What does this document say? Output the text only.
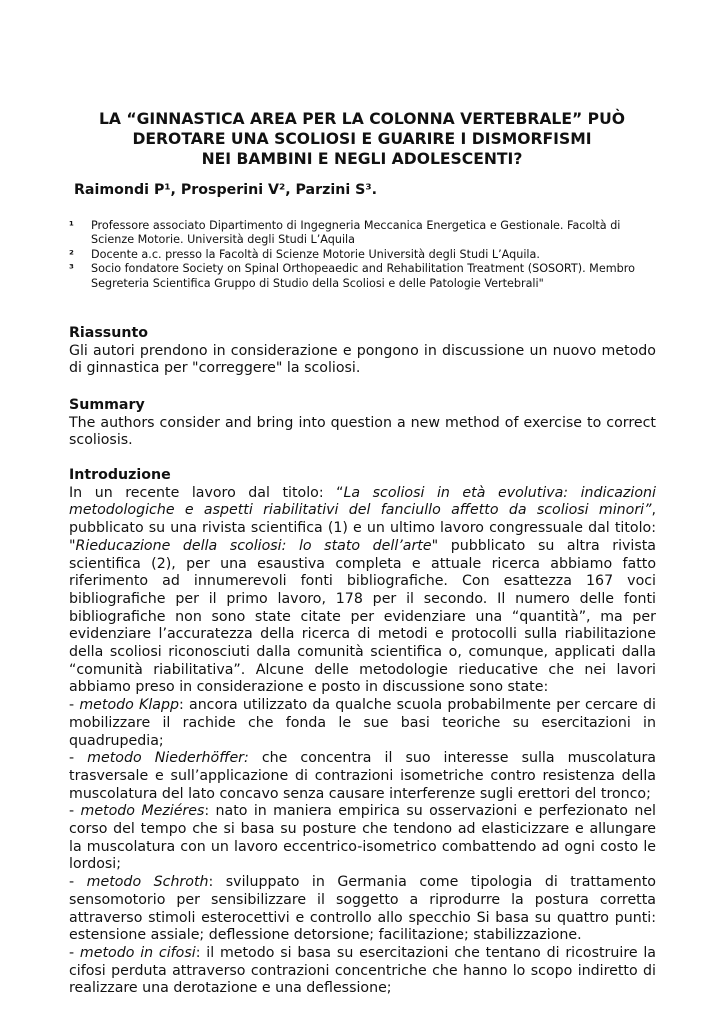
LA “GINNASTICA AREA PER LA COLONNA VERTEBRALE” PUÒ
DEROTARE UNA SCOLIOSI E GUARIRE I DISMORFISMI
NEI BAMBINI E NEGLI ADOLESCENTI?
Raimondi P¹, Prosperini V², Parzini S³.
¹	Professore associato Dipartimento di Ingegneria Meccanica Energetica e Gestionale. Facoltà di Scienze Motorie. Università degli Studi L’Aquila
²	Docente a.c. presso la Facoltà di Scienze Motorie Università degli Studi L’Aquila.
³	Socio fondatore Society on Spinal Orthopeaedic and Rehabilitation Treatment (SOSORT). Membro Segreteria Scientifica Gruppo di Studio della Scoliosi e delle Patologie Vertebrali"
Riassunto

Gli autori prendono in considerazione e pongono in discussione un nuovo metodo di ginnastica per "correggere" la scoliosi.

Summary

The authors consider and bring into question a new method of exercise to correct scoliosis.

Introduzione

In un recente lavoro dal titolo: “La scoliosi in età evolutiva: indicazioni metodologiche e aspetti riabilitativi del fanciullo affetto da scoliosi minori”, pubblicato su una rivista scientifica (1) e un ultimo lavoro congressuale dal titolo: "Rieducazione della scoliosi: lo stato dell’arte" pubblicato su altra rivista scientifica (2), per una esaustiva completa e attuale ricerca abbiamo fatto riferimento ad innumerevoli fonti bibliografiche. Con esattezza 167 voci bibliografiche per il primo lavoro, 178 per il secondo. Il numero delle fonti bibliografiche non sono state citate per evidenziare una “quantità”, ma per evidenziare l’accuratezza della ricerca di metodi e protocolli sulla riabilitazione della scoliosi riconosciuti dalla comunità scientifica o, comunque, applicati dalla “comunità riabilitativa”. Alcune delle metodologie rieducative che nei lavori abbiamo preso in considerazione e posto in discussione sono state:

- metodo Klapp: ancora utilizzato da qualche scuola probabilmente per cercare di mobilizzare il rachide che fonda le sue basi teoriche su esercitazioni in quadrupedia;

- metodo Niederhöffer: che concentra il suo interesse sulla muscolatura trasversale e sull’applicazione di contrazioni isometriche contro resistenza della muscolatura del lato concavo senza causare interferenze sugli erettori del tronco;

- metodo Meziéres: nato in maniera empirica su osservazioni e perfezionato nel corso del tempo che si basa su posture che tendono ad elasticizzare e allungare la muscolatura con un lavoro eccentrico-isometrico combattendo ad ogni costo le lordosi;

- metodo Schroth: sviluppato in Germania come tipologia di trattamento sensomotorio per sensibilizzare il soggetto a riprodurre la postura corretta attraverso stimoli esterocettivi e controllo allo specchio Si basa su quattro punti: estensione assiale; deflessione detorsione; facilitazione; stabilizzazione.

- metodo in cifosi: il metodo si basa su esercitazioni che tentano di ricostruire la cifosi perduta attraverso contrazioni concentriche che hanno lo scopo indiretto di realizzare una derotazione e una deflessione;
